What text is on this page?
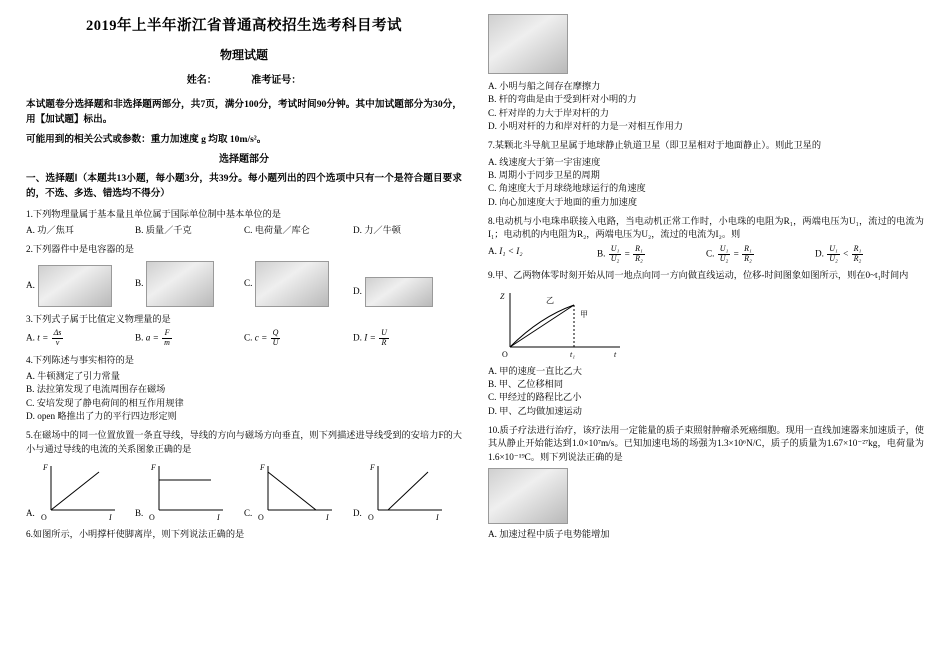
2019年上半年浙江省普通高校招生选考科目考试
物理试题
姓名：	准考证号：
本试题卷分选择题和非选择题两部分，共7页，满分100分，考试时间90分钟。其中加试题部分为30分，用【加试题】标出。
可能用到的相关公式或参数：重力加速度 g 均取 10m/s²。
选择题部分
一、选择题Ⅰ（本题共13小题，每小题3分，共39分。每小题列出的四个选项中只有一个是符合题目要求的，不选、多选、错选均不得分）
1.下列物理量属于基本量且单位属于国际单位制中基本单位的是
A. 功／焦耳	B. 质量／千克	C. 电荷量／库仑	D. 力／牛顿
2.下列器件中是电容器的是
A.	B.	C.
D.
3.下列式子属于比值定义物理量的是
A. $t = \frac{\Delta s}{v}$	B. $a = \frac{F}{m}$	C. $c = \frac{Q}{U}$	D. $I = \frac{U}{R}$
4.下列陈述与事实相符的是
A. 牛顿测定了引力常量
B. 法拉第发现了电流周围存在磁场
C. 安培发现了静电荷间的相互作用规律
D. open 略推出了力的平行四边形定则
5.在磁场中的同一位置放置一条直导线，导线的方向与磁场方向垂直，则下列描述进导线受到的安培力F的大小与通过导线的电流的关系图象正确的是
A.
F
O	I	B.
F
O	I	C.
F
O	I	D.
F
O	I
6.如图所示，小明撑杆使脚离岸，则下列说法正确的是
A. 小明与船之间存在摩擦力
B. 杆的弯曲是由于受到杆对小明的力
C. 杆对岸的力大于岸对杆的力
D. 小明对杆的力和岸对杆的力是一对相互作用力
7.某颗北斗导航卫星属于地球静止轨道卫星（即卫星相对于地面静止）。则此卫星的
A. 线速度大于第一宇宙速度
B. 周期小于同步卫星的周期
C. 角速度大于月球绕地球运行的角速度
D. 向心加速度大于地面的重力加速度
8.电动机与小电珠串联接入电路，当电动机正常工作时，小电珠的电阻为R₁，两端电压为U₁，流过的电流为I₁；电动机的内电阻为R₂，两端电压为U₂，流过的电流为I₂。则
A. I₁ < I₂	B. $\frac{\text{U₁}}{\text{U₂}} = \frac{\text{R₁}}{\text{R₂}}$	C. $\frac{\text{U₁}}{\text{U₂}} = \frac{\text{R₁}}{\text{R₂}}$	D. $\frac{\text{U₁}}{\text{U₂}} < \frac{\text{R₁}}{\text{R₂}}$
9.甲、乙两物体零时刻开始从同一地点向同一方向做直线运动，位移-时间图象如图所示，则在0~t₁时间内
Z	乙
甲
O	t₁	t
A. 甲的速度一直比乙大
B. 甲、乙位移相同
C. 甲经过的路程比乙小
D. 甲、乙均做加速运动
10.质子疗法进行治疗，该疗法用一定能量的质子束照射肿瘤杀死癌细胞。现用一直线加速器来加速质子，使其从静止开始能达到1.0×10⁷m/s。已知加速电场的场强为1.3×10⁶N/C，质子的质量为1.67×10⁻²⁷kg，电荷量为1.6×10⁻¹⁹C。则下列说法正确的是
A. 加速过程中质子电势能增加
